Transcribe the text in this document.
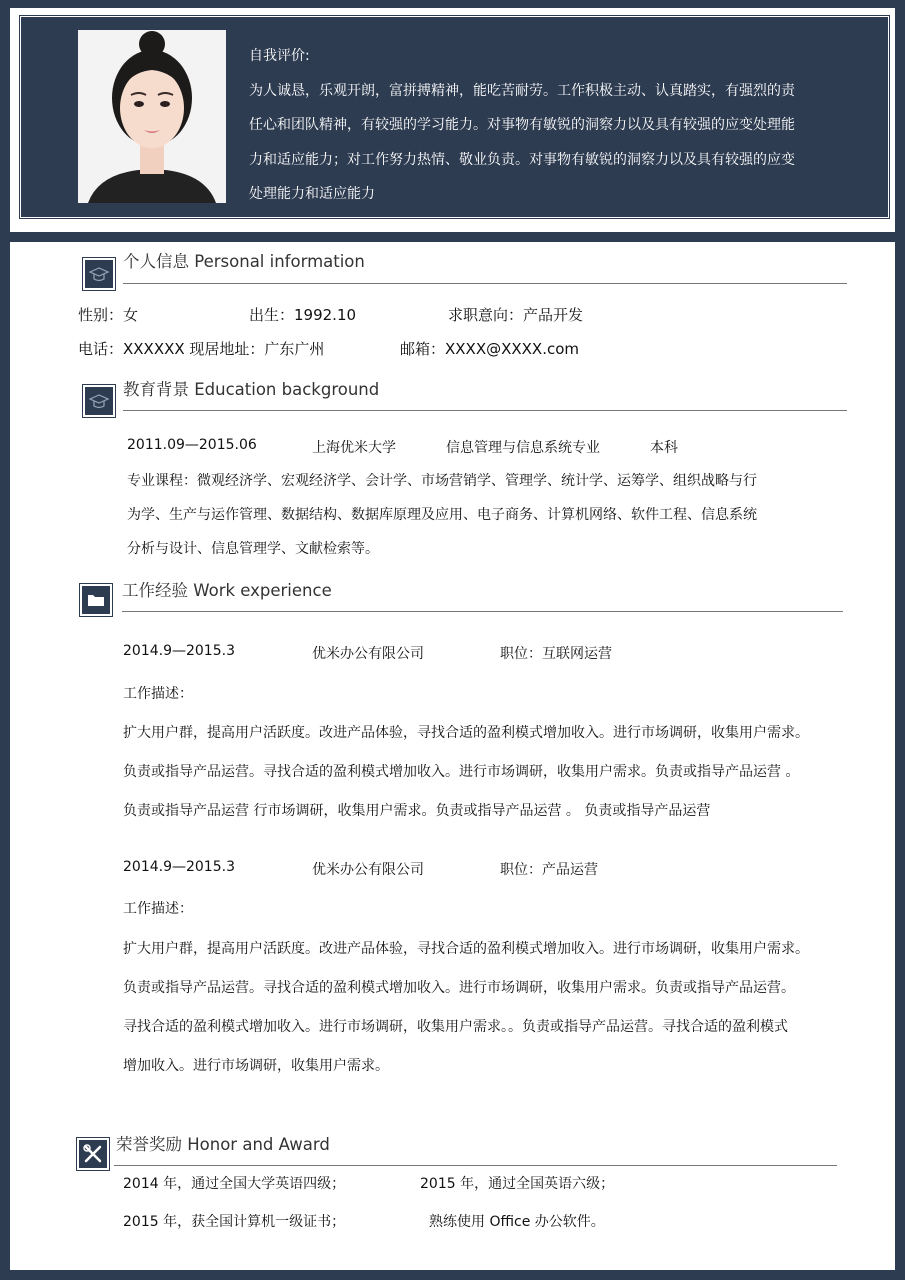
自我评价:
为人诚恳，乐观开朗，富拼搏精神，能吃苦耐劳。工作积极主动、认真踏实，有强烈的责
任心和团队精神，有较强的学习能力。对事物有敏锐的洞察力以及具有较强的应变处理能
力和适应能力；对工作努力热情、敬业负责。对事物有敏锐的洞察力以及具有较强的应变
处理能力和适应能力
个人信息 Personal information
性别：女	出生：1992.10	求职意向：产品开发
电话：XXXXXX 现居地址：广东广州	邮箱：XXXX@XXXX.com
教育背景 Education background
2011.09—2015.06	上海优米大学	信息管理与信息系统专业	本科
专业课程：微观经济学、宏观经济学、会计学、市场营销学、管理学、统计学、运筹学、组织战略与行
为学、生产与运作管理、数据结构、数据库原理及应用、电子商务、计算机网络、软件工程、信息系统
分析与设计、信息管理学、文献检索等。
工作经验 Work experience
2014.9—2015.3	优米办公有限公司	职位：互联网运营
工作描述：
扩大用户群，提高用户活跃度。改进产品体验，寻找合适的盈利模式增加收入。进行市场调研，收集用户需求。
负责或指导产品运营。寻找合适的盈利模式增加收入。进行市场调研，收集用户需求。负责或指导产品运营 。
负责或指导产品运营 行市场调研，收集用户需求。负责或指导产品运营 。 负责或指导产品运营
2014.9—2015.3	优米办公有限公司	职位：产品运营
工作描述：
扩大用户群，提高用户活跃度。改进产品体验，寻找合适的盈利模式增加收入。进行市场调研，收集用户需求。
负责或指导产品运营。寻找合适的盈利模式增加收入。进行市场调研，收集用户需求。负责或指导产品运营。
寻找合适的盈利模式增加收入。进行市场调研，收集用户需求。。负责或指导产品运营。寻找合适的盈利模式
增加收入。进行市场调研，收集用户需求。
荣誉奖励 Honor and Award
2014 年，通过全国大学英语四级；	2015 年，通过全国英语六级；
2015 年，获全国计算机一级证书；	熟练使用 Office 办公软件。
